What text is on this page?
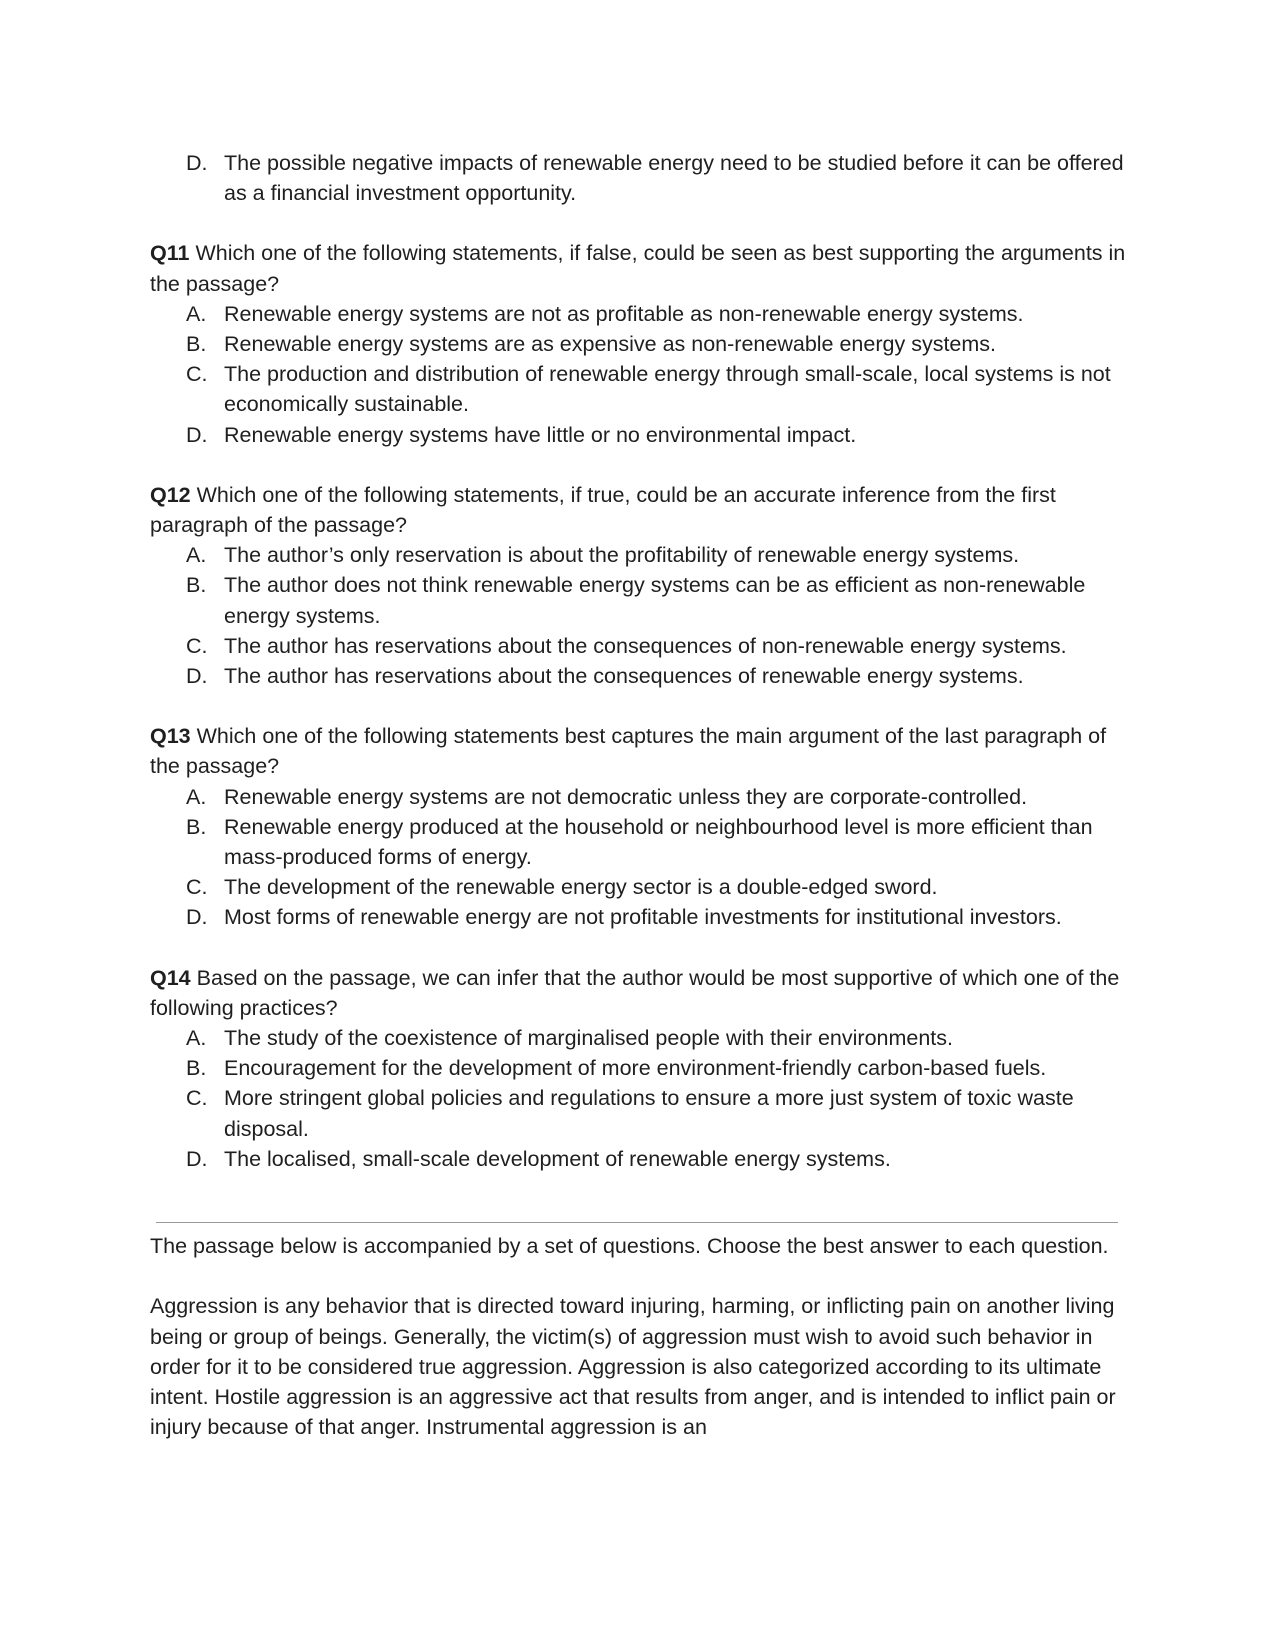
D. The possible negative impacts of renewable energy need to be studied before it can be offered as a financial investment opportunity.

Q11 Which one of the following statements, if false, could be seen as best supporting the arguments in the passage?

A. Renewable energy systems are not as profitable as non-renewable energy systems.
B. Renewable energy systems are as expensive as non-renewable energy systems.
C. The production and distribution of renewable energy through small-scale, local systems is not economically sustainable.
D. Renewable energy systems have little or no environmental impact.

Q12 Which one of the following statements, if true, could be an accurate inference from the first paragraph of the passage?

A. The author’s only reservation is about the profitability of renewable energy systems.
B. The author does not think renewable energy systems can be as efficient as non-renewable energy systems.
C. The author has reservations about the consequences of non-renewable energy systems.
D. The author has reservations about the consequences of renewable energy systems.

Q13 Which one of the following statements best captures the main argument of the last paragraph of the passage?

A. Renewable energy systems are not democratic unless they are corporate-controlled.
B. Renewable energy produced at the household or neighbourhood level is more efficient than mass-produced forms of energy.
C. The development of the renewable energy sector is a double-edged sword.
D. Most forms of renewable energy are not profitable investments for institutional investors.

Q14 Based on the passage, we can infer that the author would be most supportive of which one of the following practices?

A. The study of the coexistence of marginalised people with their environments.
B. Encouragement for the development of more environment-friendly carbon-based fuels.
C. More stringent global policies and regulations to ensure a more just system of toxic waste disposal.
D. The localised, small-scale development of renewable energy systems.

The passage below is accompanied by a set of questions. Choose the best answer to each question.

Aggression is any behavior that is directed toward injuring, harming, or inflicting pain on another living being or group of beings. Generally, the victim(s) of aggression must wish to avoid such behavior in order for it to be considered true aggression. Aggression is also categorized according to its ultimate intent. Hostile aggression is an aggressive act that results from anger, and is intended to inflict pain or injury because of that anger. Instrumental aggression is an
